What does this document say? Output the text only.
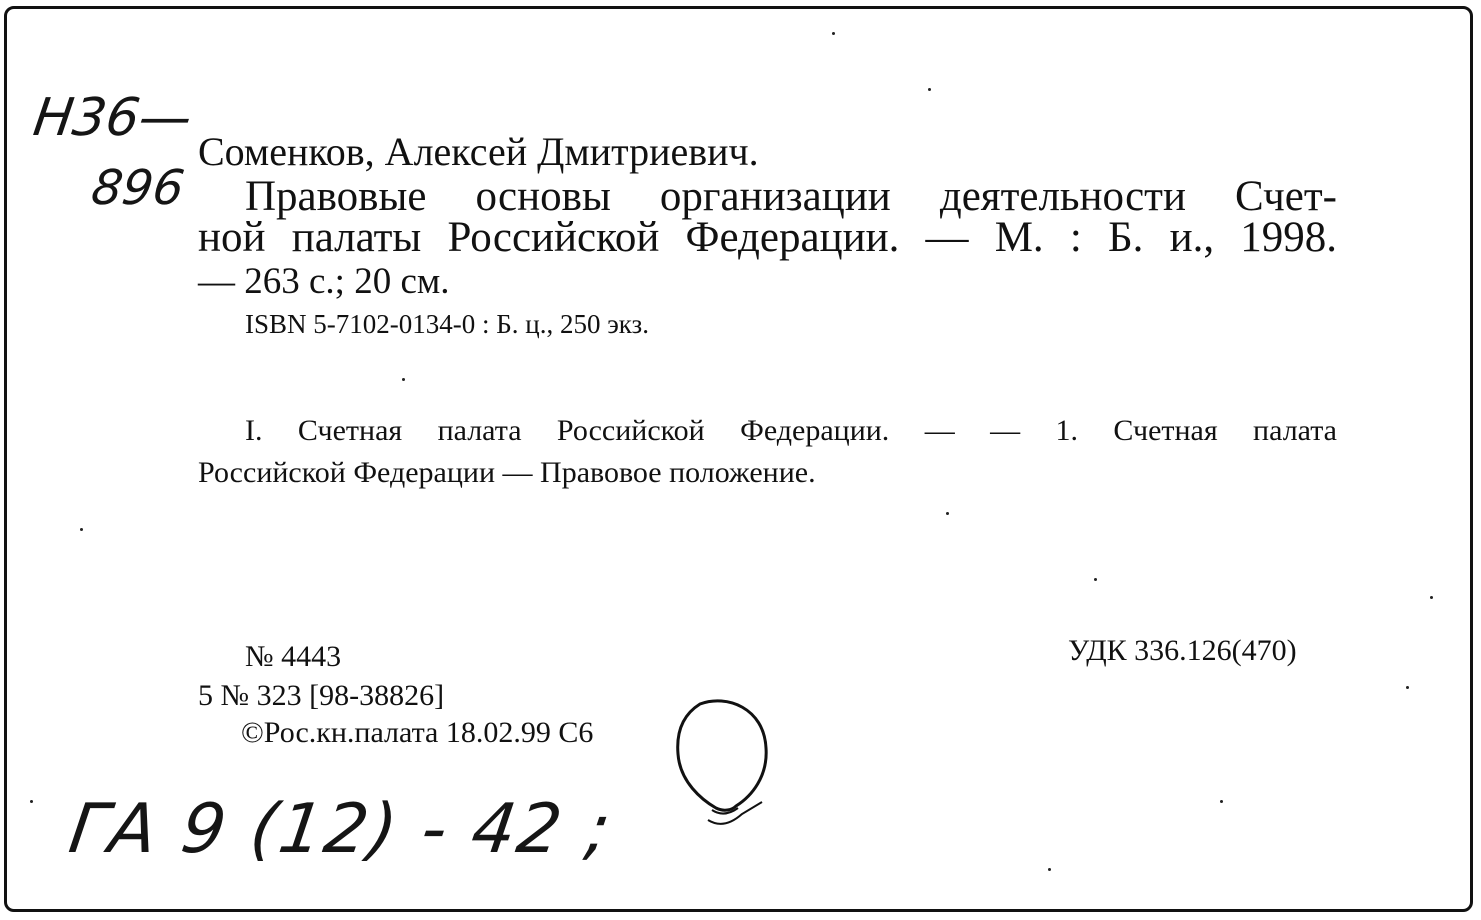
Н36—
896
Соменков, Алексей Дмитриевич.
Правовые основы организации деятельности Счет-
ной палаты Российской Федерации. — М. : Б. и., 1998.
— 263 с.; 20 см.
ISBN 5-7102-0134-0 : Б. ц., 250 экз.
I. Счетная палата Российской Федерации. — — 1. Счетная палата
Российской Федерации — Правовое положение.
№ 4443
5 № 323 [98-38826]
©Рос.кн.палата 18.02.99 С6
УДК 336.126(470)
ГА 9 (12) - 42 ;
